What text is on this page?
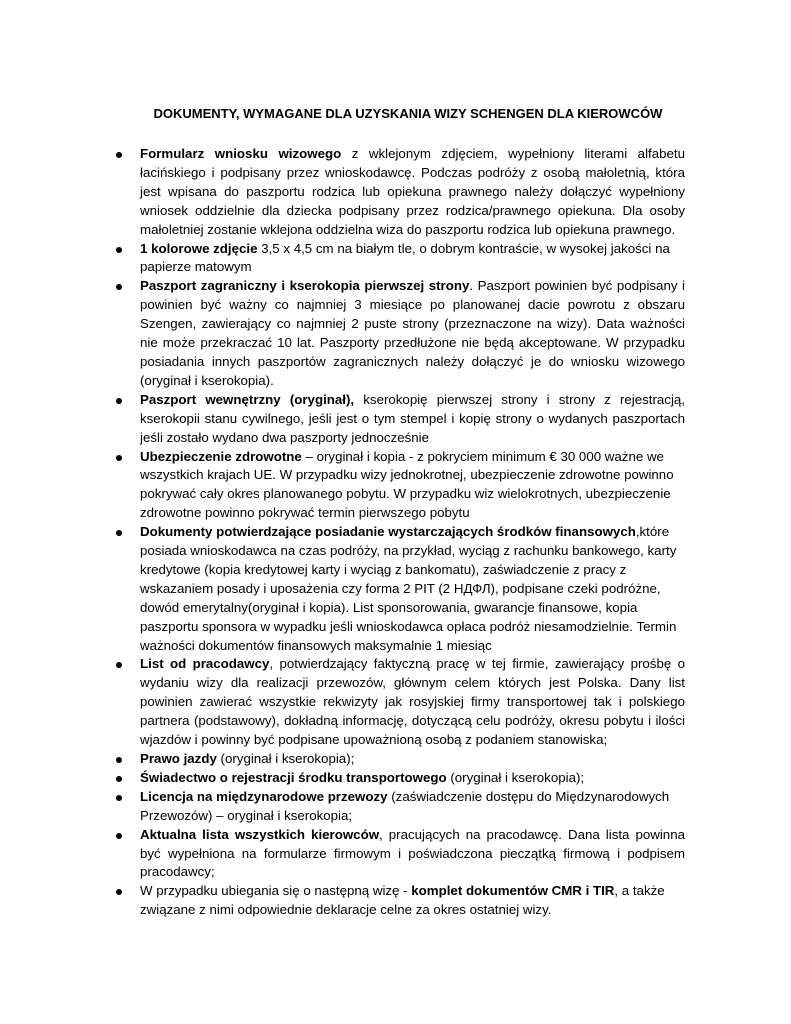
DOKUMENTY, WYMAGANE DLA UZYSKANIA WIZY SCHENGEN DLA KIEROWCÓW
Formularz wniosku wizowego z wklejonym zdjęciem, wypełniony literami alfabetu łacińskiego i podpisany przez wnioskodawcę. Podczas podróży z osobą małoletnią, która jest wpisana do paszportu rodzica lub opiekuna prawnego należy dołączyć wypełniony wniosek oddzielnie dla dziecka podpisany przez rodzica/prawnego opiekuna. Dla osoby małoletniej zostanie wklejona oddzielna wiza do paszportu rodzica lub opiekuna prawnego.
1 kolorowe zdjęcie 3,5 x 4,5 cm na białym tle, o dobrym kontraście, w wysokej jakości na papierze matowym
Paszport zagraniczny i kserokopia pierwszej strony. Paszport powinien być podpisany i powinien być ważny co najmniej 3 miesiące po planowanej dacie powrotu z obszaru Szengen, zawierający co najmniej 2 puste strony (przeznaczone na wizy). Data ważności nie może przekraczać 10 lat. Paszporty przedłużone nie będą akceptowane. W przypadku posiadania innych paszportów zagranicznych należy dołączyć je do wniosku wizowego (oryginał i kserokopia).
Paszport wewnętrzny (oryginał), kserokopię pierwszej strony i strony z rejestracją, kserokopii stanu cywilnego, jeśli jest o tym stempel i kopię strony o wydanych paszportach jeśli zostało wydano dwa paszporty jednocześnie
Ubezpieczenie zdrowotne – oryginał i kopia - z pokryciem minimum € 30 000 ważne we wszystkich krajach UE. W przypadku wizy jednokrotnej, ubezpieczenie zdrowotne powinno pokrywać cały okres planowanego pobytu. W przypadku wiz wielokrotnych, ubezpieczenie zdrowotne powinno pokrywać termin pierwszego pobytu
Dokumenty potwierdzające posiadanie wystarczających środków finansowych,które posiada wnioskodawca na czas podróży, na przykład, wyciąg z rachunku bankowego, karty kredytowe (kopia kredytowej karty i wyciąg z bankomatu), zaświadczenie z pracy z wskazaniem posady i uposażenia czy forma 2 PIT (2 НДФЛ), podpisane czeki podróżne, dowód emerytalny(oryginał i kopia). List sponsorowania, gwarancje finansowe, kopia paszportu sponsora w wypadku jeśli wnioskodawca opłaca podróż niesamodzielnie. Termin ważności dokumentów finansowych maksymalnie 1 miesiąc
List od pracodawcy, potwierdzający faktyczną pracę w tej firmie, zawierający prośbę o wydaniu wizy dla realizacji przewozów, głównym celem których jest Polska. Dany list powinien zawierać wszystkie rekwizyty jak rosyjskiej firmy transportowej tak i polskiego partnera (podstawowy), dokładną informację, dotyczącą celu podróży, okresu pobytu i ilości wjazdów i powinny być podpisane upoważnioną osobą z podaniem stanowiska;
Prawo jazdy (oryginał i kserokopia);
Świadectwo o rejestracji środku transportowego (oryginał i kserokopia);
Licencja na międzynarodowe przewozy (zaświadczenie dostępu do Międzynarodowych Przewozów) – oryginał i kserokopia;
Aktualna lista wszystkich kierowców, pracujących na pracodawcę. Dana lista powinna być wypełniona na formularze firmowym i poświadczona pieczątką firmową i podpisem pracodawcy;
W przypadku ubiegania się o następną wizę - komplet dokumentów CMR i TIR, a także związane z nimi odpowiednie deklaracje celne za okres ostatniej wizy.
